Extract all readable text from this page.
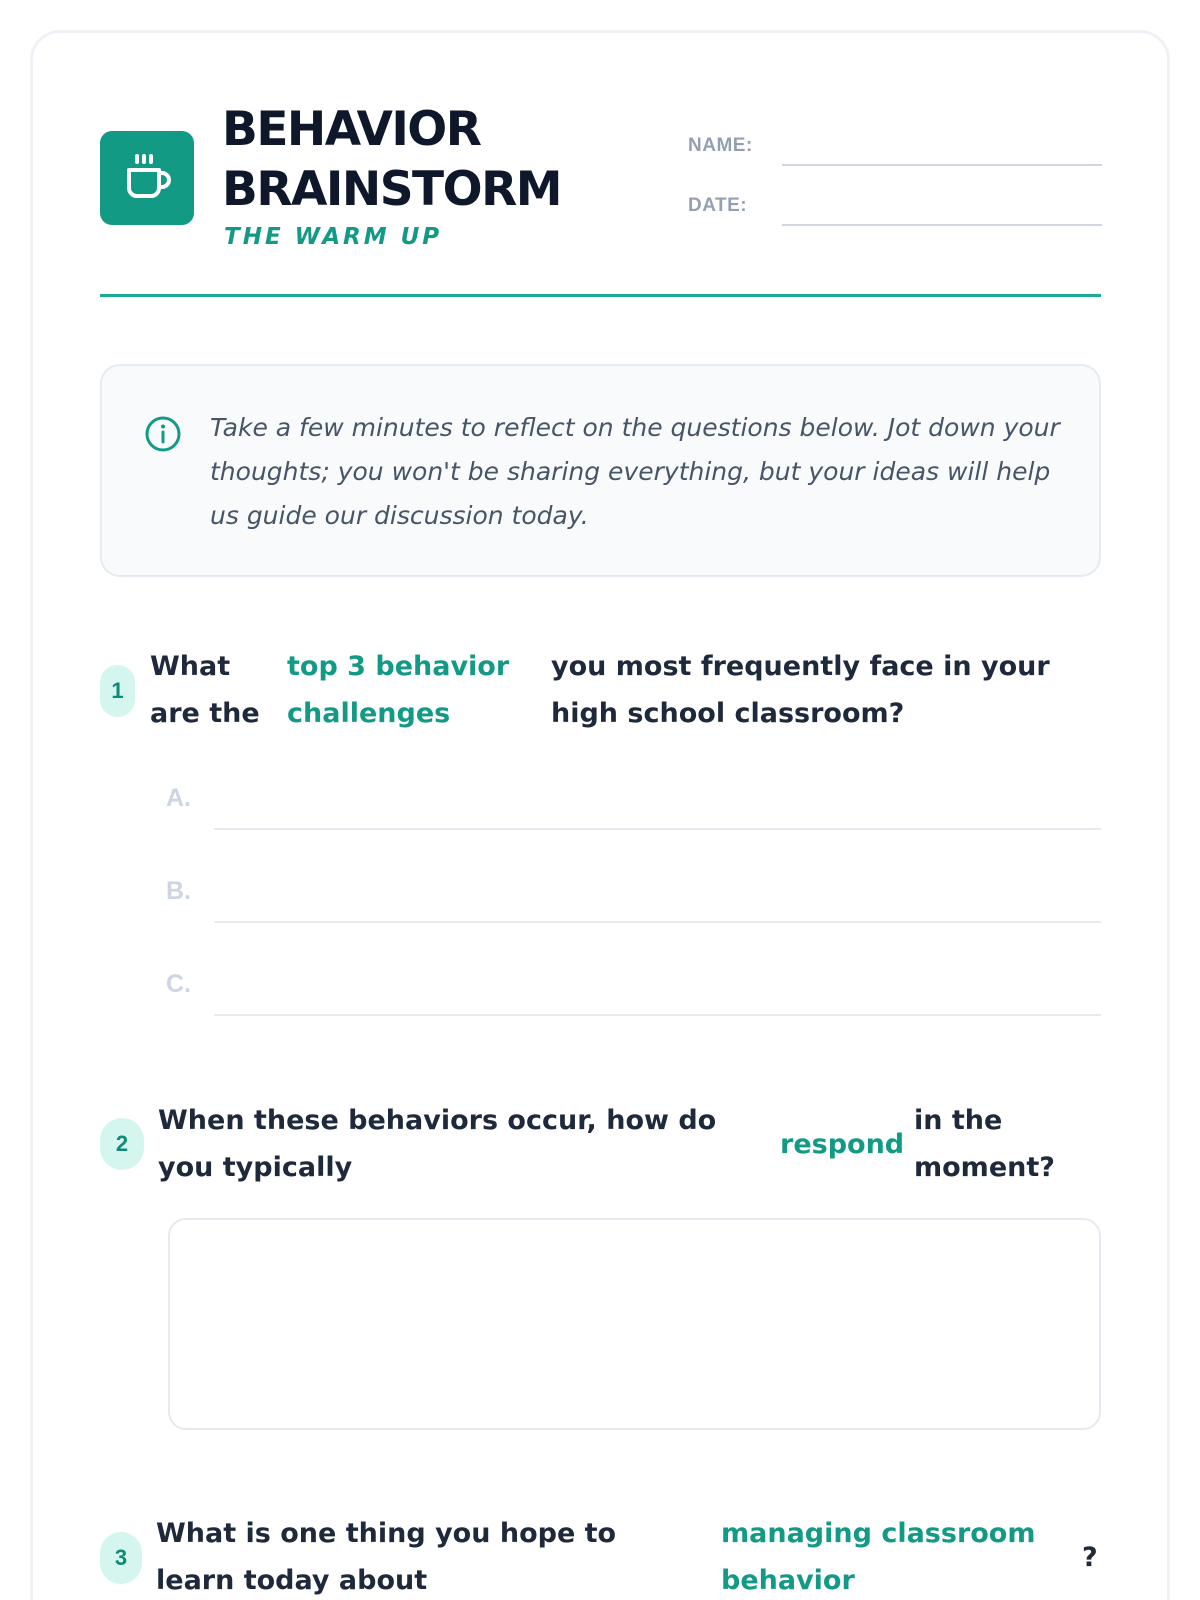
BEHAVIOR
BRAINSTORM
THE WARM UP
NAME:
DATE:
Take a few minutes to reflect on the questions below. Jot down your thoughts; you won't be sharing everything, but your ideas will help us guide our discussion today.
1
What are the
top 3 behavior challenges
you most frequently face in your high school classroom?
A.
B.
C.
2
When these behaviors occur, how do you typically
respond
in the moment?
3
What is one thing you hope to learn today about
managing classroom behavior
?
